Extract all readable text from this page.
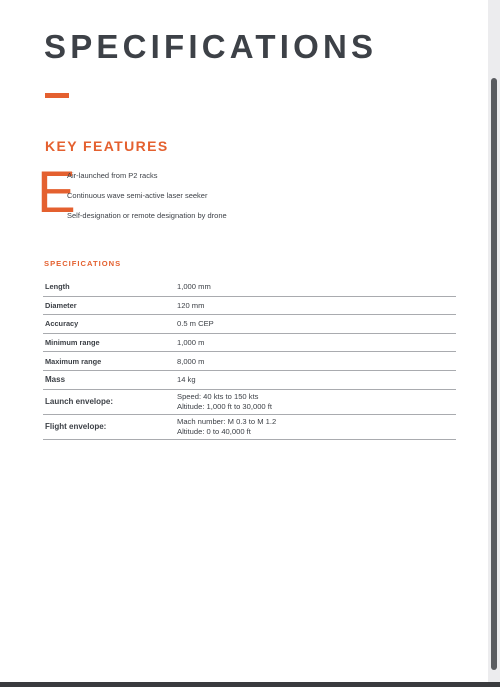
SPECIFICATIONS
KEY FEATURES
E
Air-launched from P2 racks
Continuous wave semi-active laser seeker
Self-designation or remote designation by drone
SPECIFICATIONS
Length	1,000 mm
Diameter	120 mm
Accuracy	0.5 m CEP
Minimum range	1,000 m
Maximum range	8,000 m
Mass	14 kg
Launch envelope:	Speed: 40 kts to 150 kts
Altitude: 1,000 ft to 30,000 ft

Flight envelope:	Mach number: M 0.3 to M 1.2
Altitude: 0 to 40,000 ft
